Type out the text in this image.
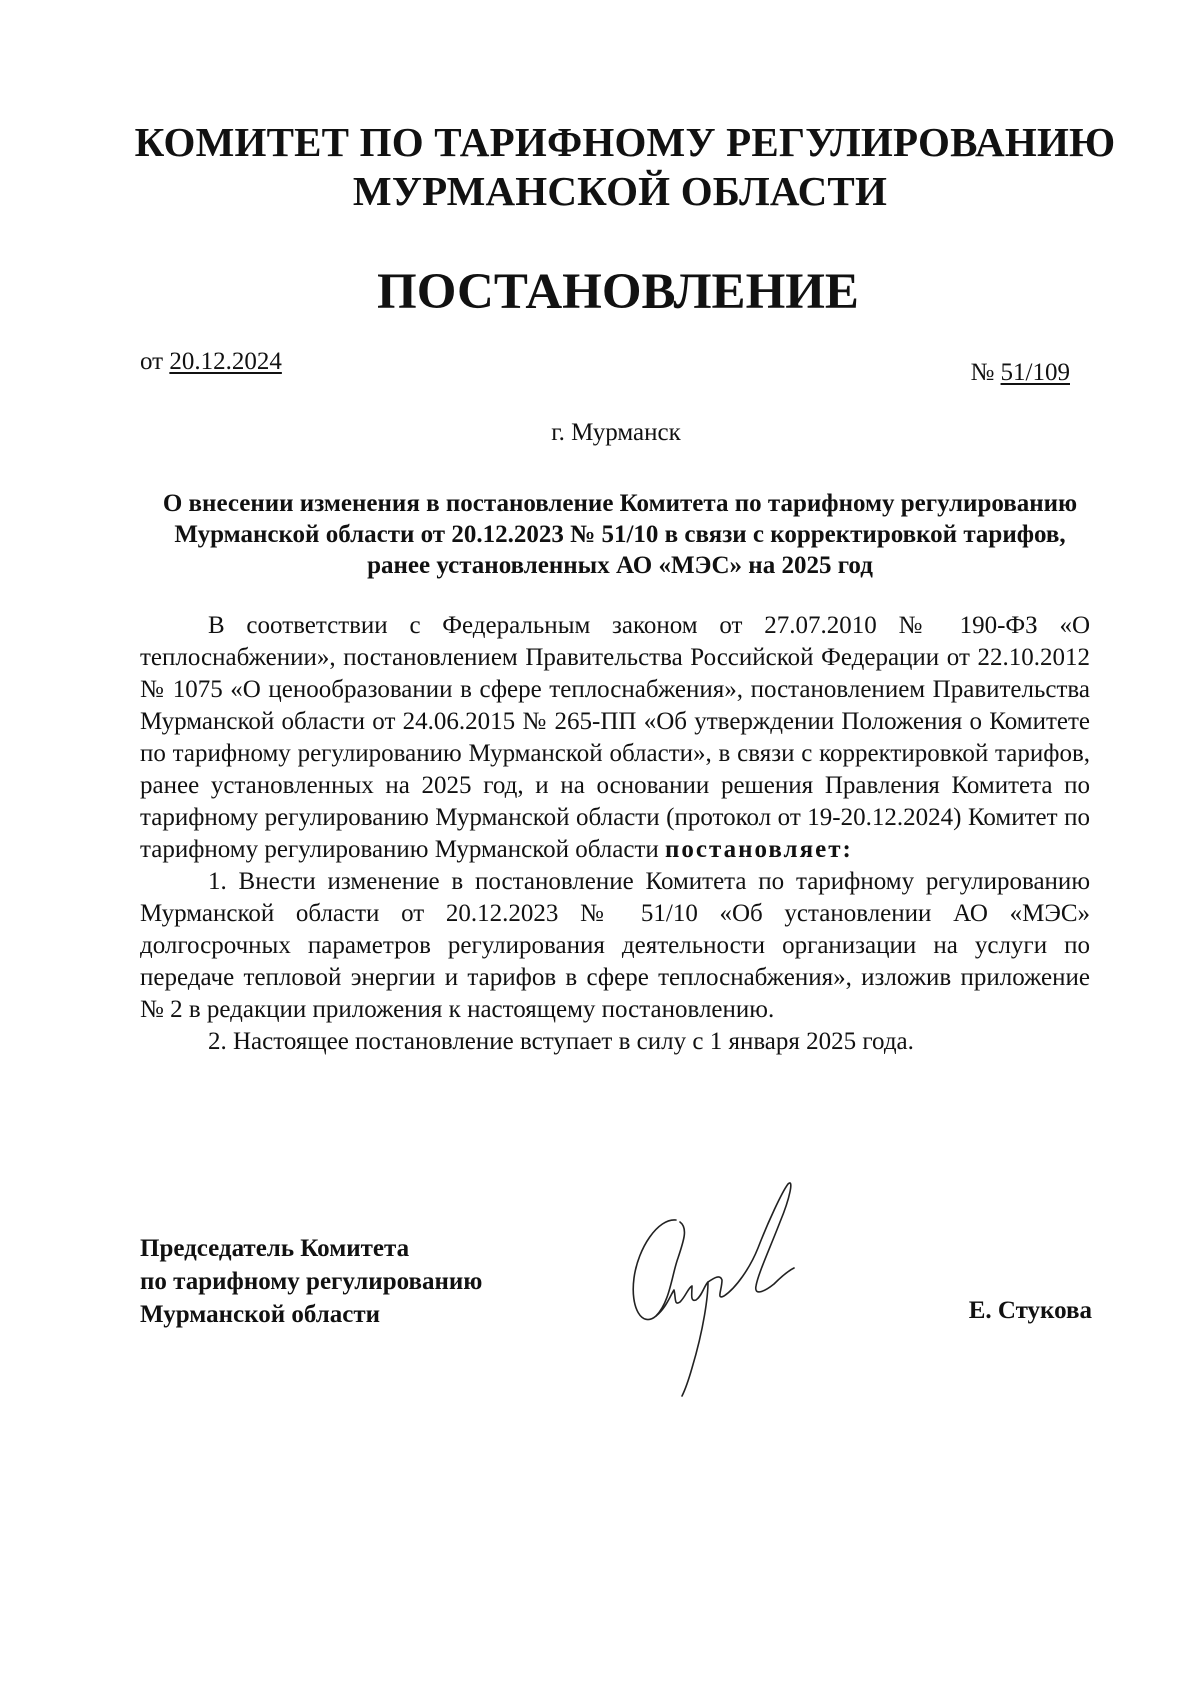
КОМИТЕТ ПО ТАРИФНОМУ РЕГУЛИРОВАНИЮ
МУРМАНСКОЙ ОБЛАСТИ
ПОСТАНОВЛЕНИЕ
от 20.12.2024	№ 51/109
г. Мурманск
О внесении изменения в постановление Комитета по тарифному регулированию Мурманской области от 20.12.2023 № 51/10 в связи с корректировкой тарифов, ранее установленных АО «МЭС» на 2025 год

В соответствии с Федеральным законом от 27.07.2010 № 190-ФЗ «О теплоснабжении», постановлением Правительства Российской Федерации от 22.10.2012 № 1075 «О ценообразовании в сфере теплоснабжения», постановлением Правительства Мурманской области от 24.06.2015 № 265-ПП «Об утверждении Положения о Комитете по тарифному регулированию Мурманской области», в связи с корректировкой тарифов, ранее установленных на 2025 год, и на основании решения Правления Комитета по тарифному регулированию Мурманской области (протокол от 19-20.12.2024) Комитет по тарифному регулированию Мурманской области постановляет:

1. Внести изменение в постановление Комитета по тарифному регулированию Мурманской области от 20.12.2023 № 51/10 «Об установлении АО «МЭС» долгосрочных параметров регулирования деятельности организации на услуги по передаче тепловой энергии и тарифов в сфере теплоснабжения», изложив приложение № 2 в редакции приложения к настоящему постановлению.

2. Настоящее постановление вступает в силу с 1 января 2025 года.

Председатель Комитета
по тарифному регулированию
Мурманской области	Е. Стукова
